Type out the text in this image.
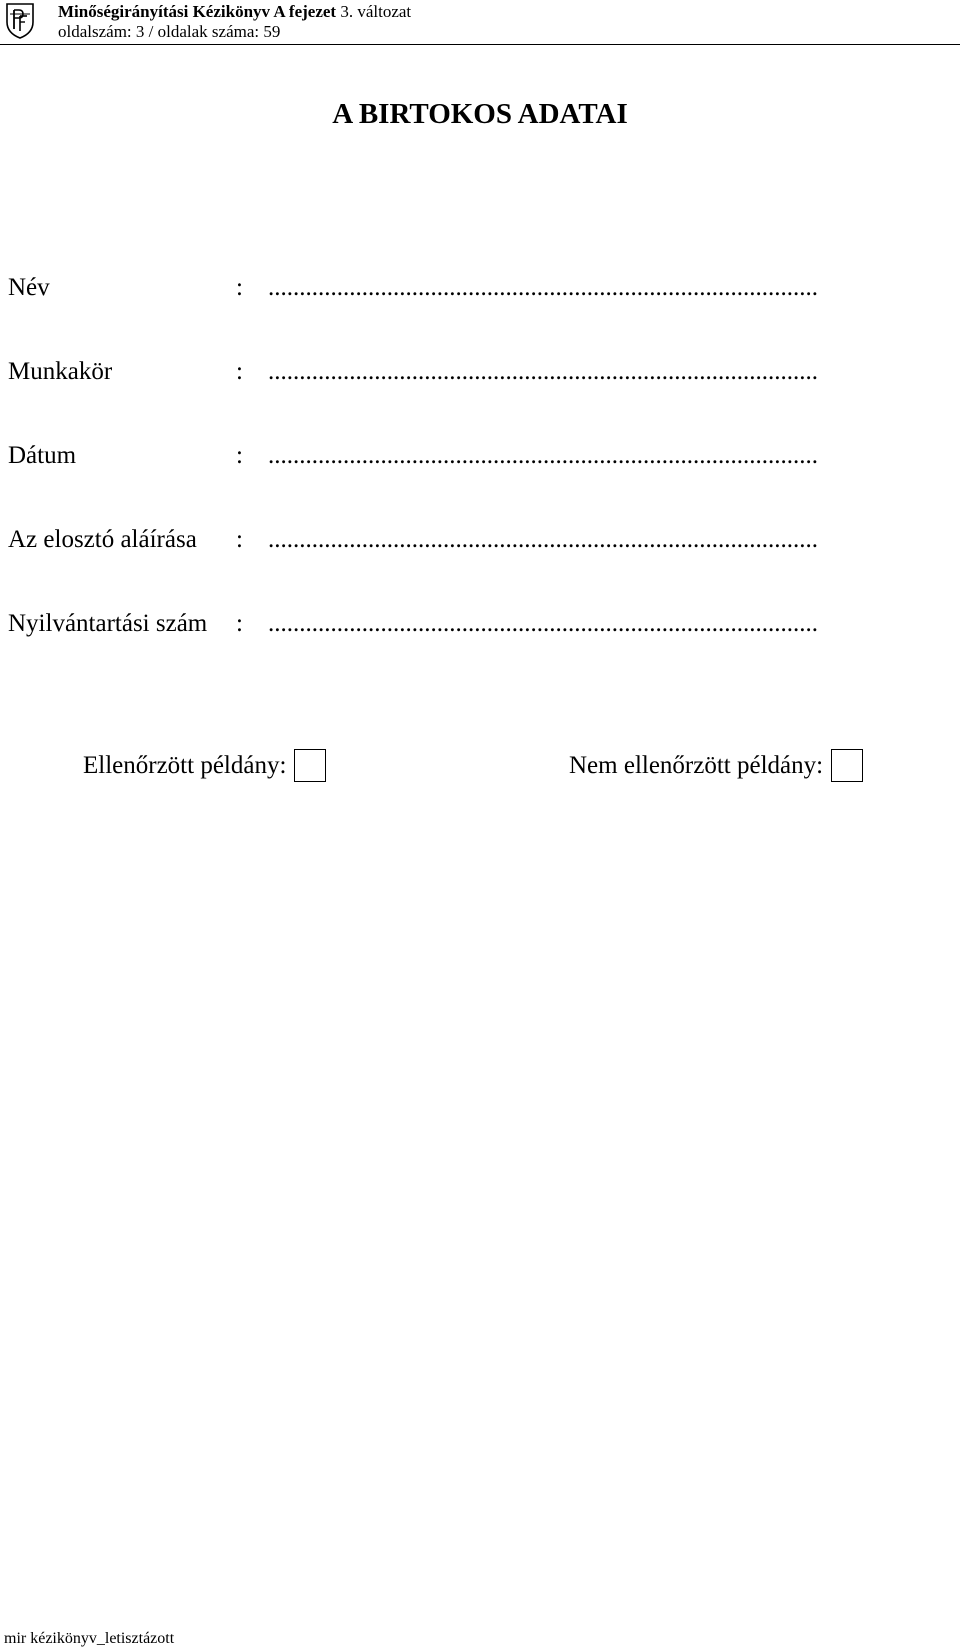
Minőségirányítási Kézikönyv A fejezet 3. változat
oldalszám: 3 / oldalak száma: 59
A BIRTOKOS ADATAI
Név	: ........................................................................................
Munkakör	: ........................................................................................
Dátum	: ........................................................................................
Az elosztó aláírása : ........................................................................................
Nyilvántartási szám : ........................................................................................
Ellenőrzött példány:	Nem ellenőrzött példány:
mir kézikönyv_letisztázott
